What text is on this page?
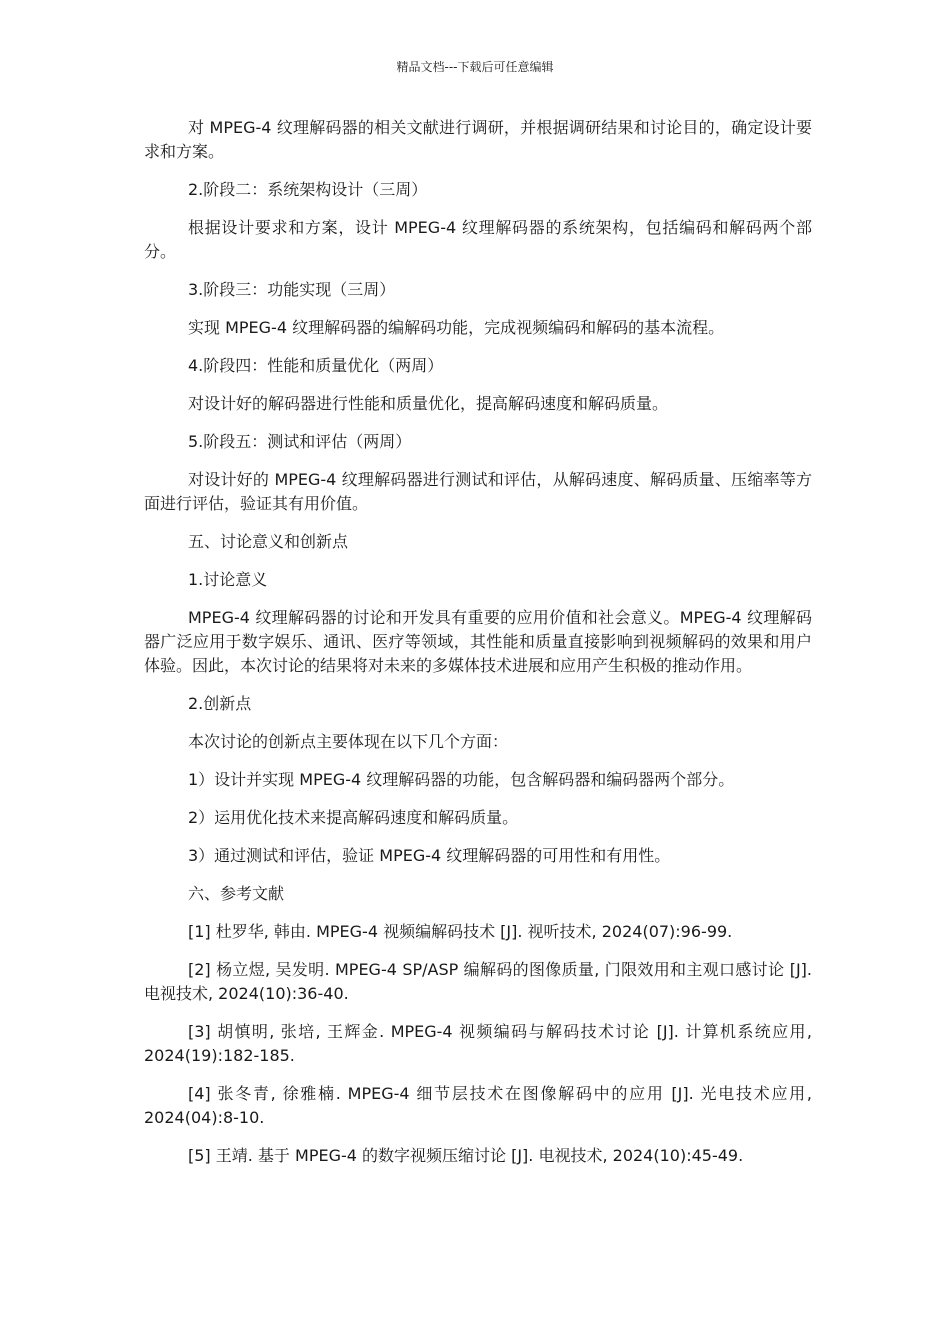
精品文档---下载后可任意编辑

对 MPEG-4 纹理解码器的相关文献进行调研，并根据调研结果和讨论目的，确定设计要求和方案。

2.阶段二：系统架构设计（三周）

根据设计要求和方案，设计 MPEG-4 纹理解码器的系统架构，包括编码和解码两个部分。

3.阶段三：功能实现（三周）

实现 MPEG-4 纹理解码器的编解码功能，完成视频编码和解码的基本流程。

4.阶段四：性能和质量优化（两周）

对设计好的解码器进行性能和质量优化，提高解码速度和解码质量。

5.阶段五：测试和评估（两周）

对设计好的 MPEG-4 纹理解码器进行测试和评估，从解码速度、解码质量、压缩率等方面进行评估，验证其有用价值。

五、讨论意义和创新点

1.讨论意义

MPEG-4 纹理解码器的讨论和开发具有重要的应用价值和社会意义。MPEG-4 纹理解码器广泛应用于数字娱乐、通讯、医疗等领域，其性能和质量直接影响到视频解码的效果和用户体验。因此，本次讨论的结果将对未来的多媒体技术进展和应用产生积极的推动作用。

2.创新点

本次讨论的创新点主要体现在以下几个方面：

1）设计并实现 MPEG-4 纹理解码器的功能，包含解码器和编码器两个部分。

2）运用优化技术来提高解码速度和解码质量。

3）通过测试和评估，验证 MPEG-4 纹理解码器的可用性和有用性。

六、参考文献

[1] 杜罗华, 韩由. MPEG-4 视频编解码技术 [J]. 视听技术, 2024(07):96-99.

[2] 杨立煜, 吴发明. MPEG-4 SP/ASP 编解码的图像质量, 门限效用和主观口感讨论 [J]. 电视技术, 2024(10):36-40.

[3] 胡慎明, 张培, 王辉金. MPEG-4 视频编码与解码技术讨论 [J]. 计算机系统应用, 2024(19):182-185.

[4] 张冬青, 徐雅楠. MPEG-4 细节层技术在图像解码中的应用 [J]. 光电技术应用, 2024(04):8-10.

[5] 王靖. 基于 MPEG-4 的数字视频压缩讨论 [J]. 电视技术, 2024(10):45-49.
